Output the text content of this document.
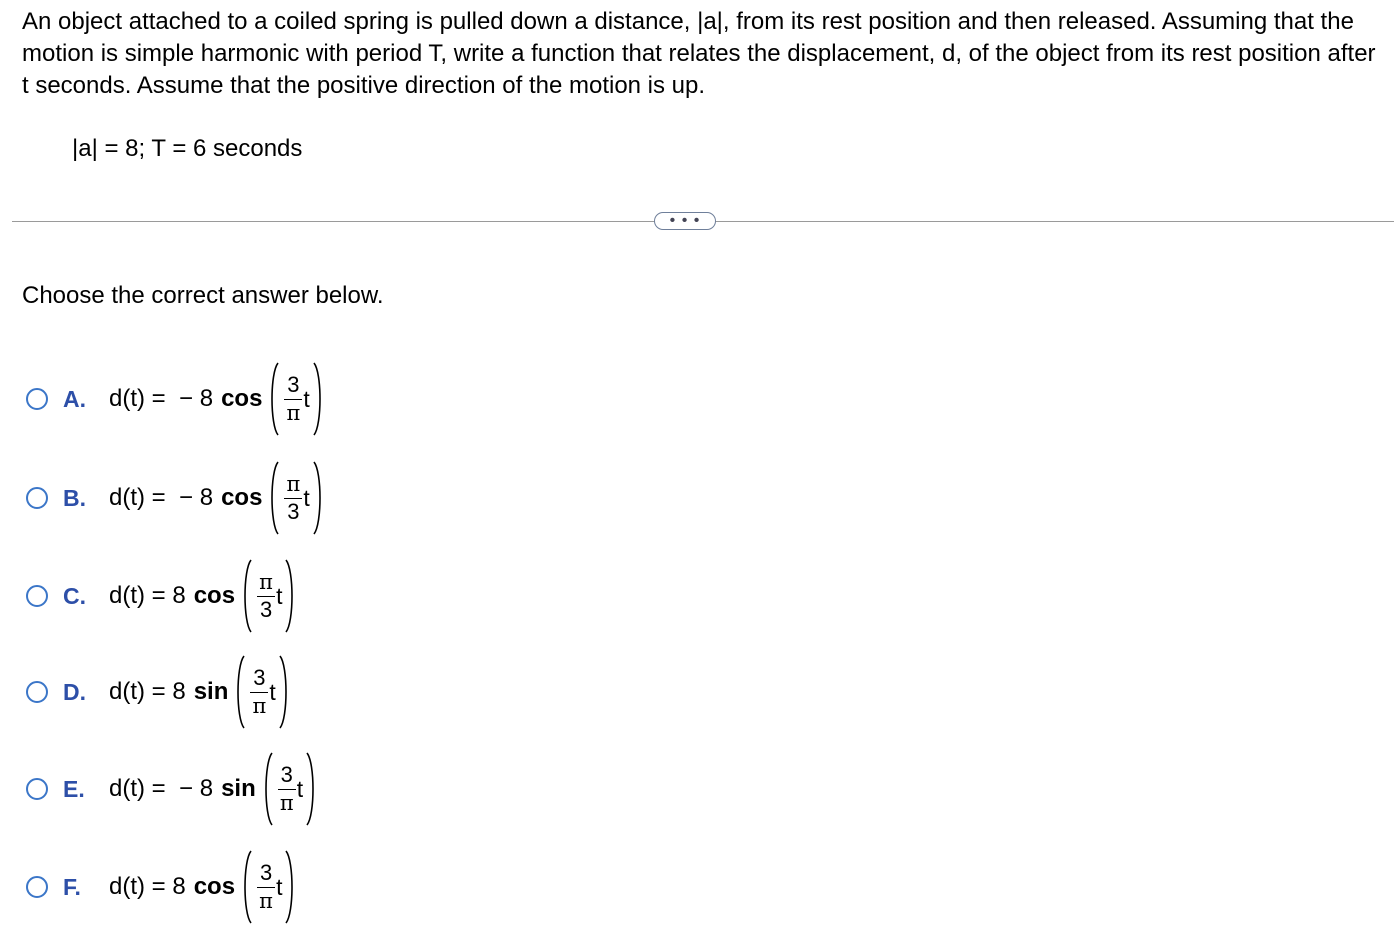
An object attached to a coiled spring is pulled down a distance, |a|, from its rest position and then released. Assuming that the motion is simple harmonic with period T, write a function that relates the displacement, d, of the object from its rest position after t seconds. Assume that the positive direction of the motion is up.
|a| = 8; T = 6 seconds
• • •
Choose the correct answer below.
A. d(t) =  − 8 $\cos \frac{3}{\pi}$ t
B. d(t) =  − 8 $\cos \frac{\pi}{3}$ t
C. d(t) = 8 $\cos \frac{\pi}{3}$ t
D. d(t) = 8 $\sin \frac{3}{\pi}$ t
E.	d(t) =  − 8 $\sin \frac{3}{\pi}$ t
F.	d(t) = 8 $\cos \frac{3}{\pi}$ t
